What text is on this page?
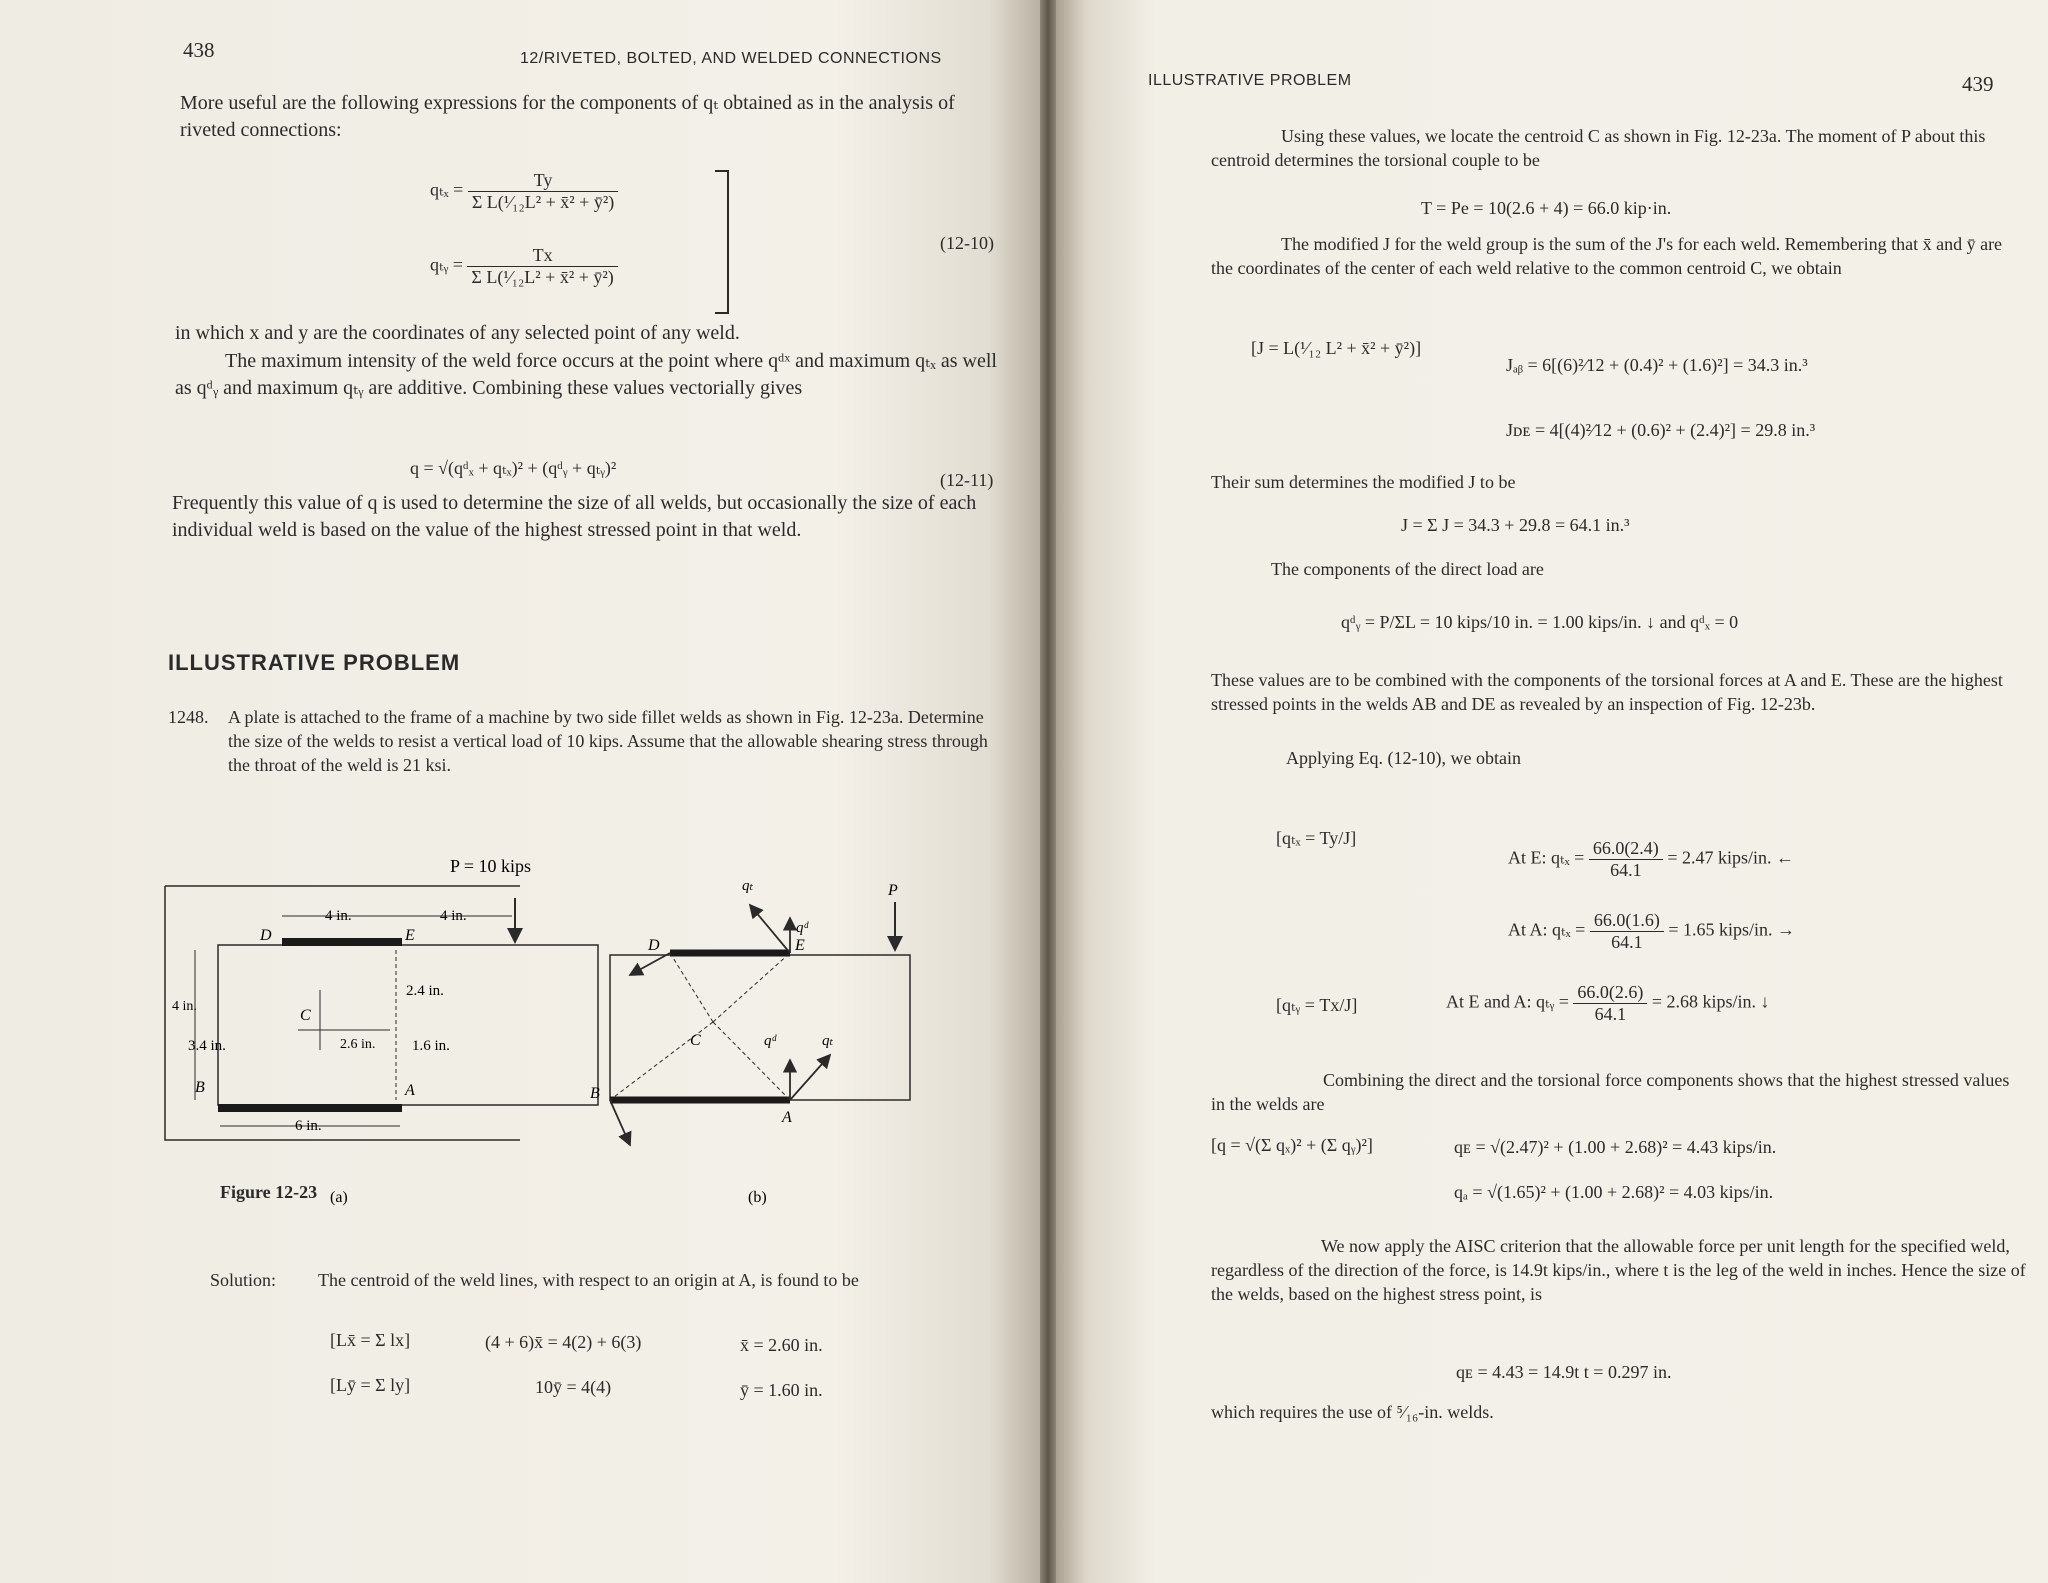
438	12/RIVETED, BOLTED, AND WELDED CONNECTIONS
More useful are the following expressions for the components of qₜ obtained as in the analysis of riveted connections:
$q_{tx} = \frac{Ty}{\text{Σ L(¹⁄₁₂L² + x̄² + ȳ²)}}$
qₜᵧ = $\frac{Tx}{\text{Σ L(¹⁄₁₂L² + x̄² + ȳ²)}}$
(12-10)
in which x and y are the coordinates of any selected point of any weld.
The maximum intensity of the weld force occurs at the point where qᵈˣ and maximum qₜₓ as well as qᵈᵧ and maximum qₜᵧ are additive. Combining these values vectorially gives
q = √(qᵈₓ + qₜₓ)² + (qᵈᵧ + qₜᵧ)²
(12-11)
Frequently this value of q is used to determine the size of all welds, but occasionally the size of each individual weld is based on the value of the highest stressed point in that weld.
ILLUSTRATIVE PROBLEM
1248. A plate is attached to the frame of a machine by two side fillet welds as shown in Fig. 12-23a. Determine the size of the welds to resist a vertical load of 10 kips. Assume that the allowable shearing stress through the throat of the weld is 21 ksi.
P = 10 kips
4 in.	4 in.
D	E
C
B	A
2.4 in.
1.6 in.
3.4 in.	2.6 in.
4 in.
6 in.
(a)
P
qₜ
qᵈ
D	E
C
B
A
qᵈ	qₜ
(b)
Figure 12-23
Solution: The centroid of the weld lines, with respect to an origin at A, is found to be
[Lx̄ = Σ lx]	(4 + 6)x̄ = 4(2) + 6(3)	x̄ = 2.60 in.
[Lȳ = Σ ly]	10ȳ = 4(4)	ȳ = 1.60 in.
ILLUSTRATIVE PROBLEM	439
Using these values, we locate the centroid C as shown in Fig. 12-23a. The moment of P about this centroid determines the torsional couple to be
T = Pe = 10(2.6 + 4) = 66.0 kip·in.
The modified J for the weld group is the sum of the J's for each weld. Remembering that x̄ and ȳ are the coordinates of the center of each weld relative to the common centroid C, we obtain
[J = L(¹⁄₁₂ L² + x̄² + ȳ²)]
Jₐᵦ = 6[(6)²⁄12 + (0.4)² + (1.6)²] = 34.3 in.³
Jᴅᴇ = 4[(4)²⁄12 + (0.6)² + (2.4)²] = 29.8 in.³
Their sum determines the modified J to be
J = Σ J = 34.3 + 29.8 = 64.1 in.³
The components of the direct load are
qᵈᵧ = P/ΣL = 10 kips/10 in. = 1.00 kips/in. ↓ and qᵈₓ = 0
These values are to be combined with the components of the torsional forces at A and E. These are the highest stressed points in the welds AB and DE as revealed by an inspection of Fig. 12-23b.
Applying Eq. (12-10), we obtain
[qₜₓ = Ty/J]
[qₜᵧ = Tx/J]
At E: $q_{tx} = \frac{66.0(2.4)}{64.1} = 2.47$ kips/in. ←
At A: $q_{tx} = \frac{66.0(1.6)}{64.1} = 1.65$ kips/in. →
At E and A: qₜᵧ = $\frac{66.0(2.6)}{64.1} = 2.68$ kips/in. ↓
Combining the direct and the torsional force components shows that the highest stressed values in the welds are
[q = √(Σ qₓ)² + (Σ qᵧ)²]	qᴇ = √(2.47)² + (1.00 + 2.68)² = 4.43 kips/in.
qₐ = √(1.65)² + (1.00 + 2.68)² = 4.03 kips/in.
We now apply the AISC criterion that the allowable force per unit length for the specified weld, regardless of the direction of the force, is 14.9t kips/in., where t is the leg of the weld in inches. Hence the size of the welds, based on the highest stress point, is
qᴇ = 4.43 = 14.9t t = 0.297 in.
which requires the use of ⁵⁄₁₆-in. welds.
